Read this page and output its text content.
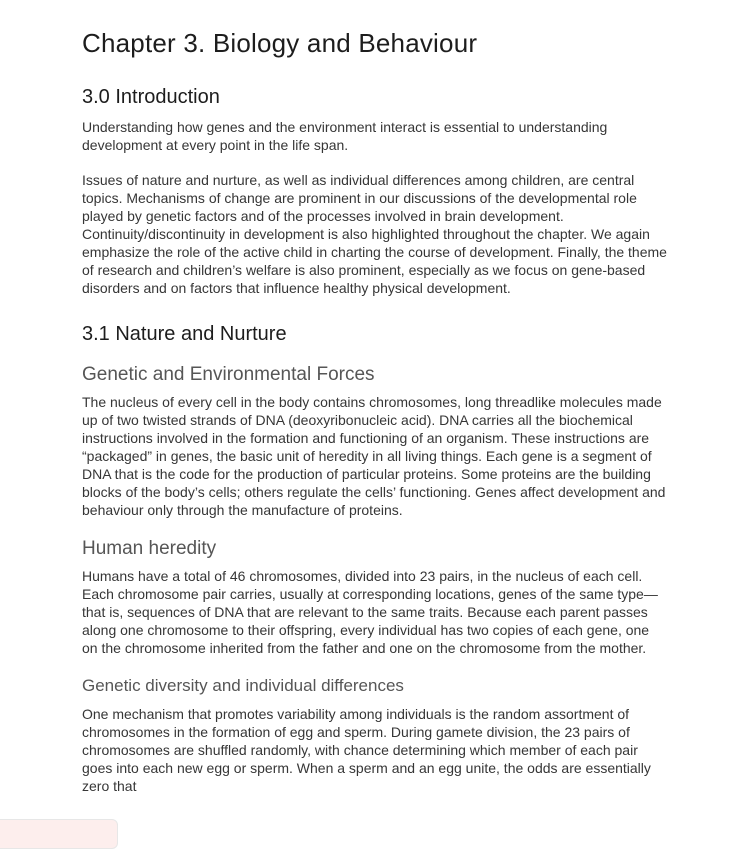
Chapter 3. Biology and Behaviour
3.0 Introduction

Understanding how genes and the environment interact is essential to understanding development at every point in the life span.

Issues of nature and nurture, as well as individual differences among children, are central topics. Mechanisms of change are prominent in our discussions of the developmental role played by genetic factors and of the processes involved in brain development. Continuity/discontinuity in development is also highlighted throughout the chapter. We again emphasize the role of the active child in charting the course of development. Finally, the theme of research and children’s welfare is also prominent, especially as we focus on gene-based disorders and on factors that influence healthy physical development.

3.1 Nature and Nurture
Genetic and Environmental Forces

The nucleus of every cell in the body contains chromosomes, long threadlike molecules made up of two twisted strands of DNA (deoxyribonucleic acid). DNA carries all the biochemical instructions involved in the formation and functioning of an organism. These instructions are “packaged” in genes, the basic unit of heredity in all living things. Each gene is a segment of DNA that is the code for the production of particular proteins. Some proteins are the building blocks of the body’s cells; others regulate the cells’ functioning. Genes affect development and behaviour only through the manufacture of proteins.

Human heredity

Humans have a total of 46 chromosomes, divided into 23 pairs, in the nucleus of each cell. Each chromosome pair carries, usually at corresponding locations, genes of the same type—that is, sequences of DNA that are relevant to the same traits. Because each parent passes along one chromosome to their offspring, every individual has two copies of each gene, one on the chromosome inherited from the father and one on the chromosome from the mother.

Genetic diversity and individual differences

One mechanism that promotes variability among individuals is the random assortment of chromosomes in the formation of egg and sperm. During gamete division, the 23 pairs of chromosomes are shuffled randomly, with chance determining which member of each pair goes into each new egg or sperm. When a sperm and an egg unite, the odds are essentially zero that
